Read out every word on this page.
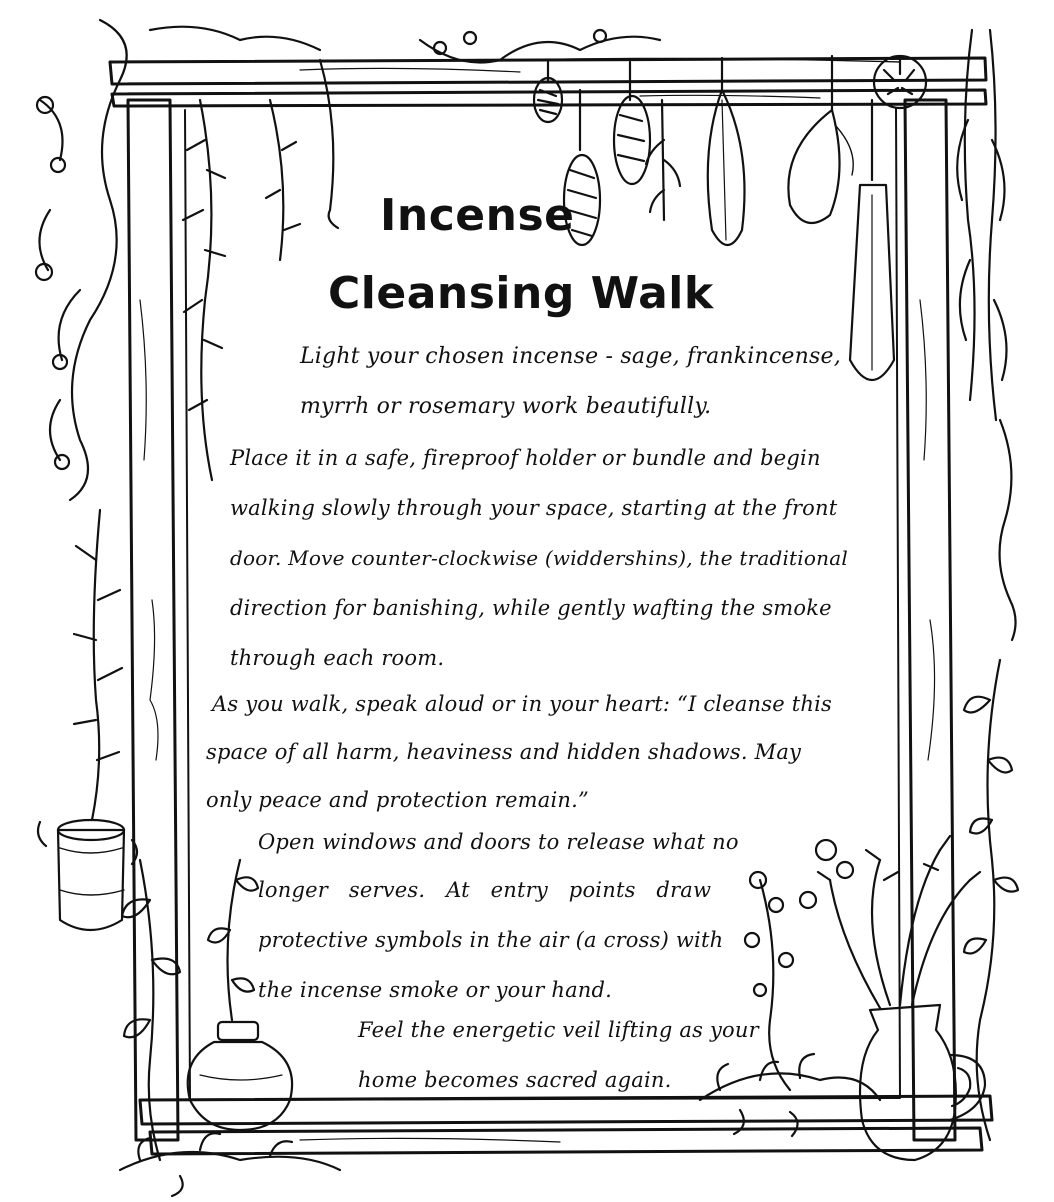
Incense
Cleansing Walk
Light your chosen incense - sage, frankincense,
myrrh or rosemary work beautifully.
Place it in a safe, fireproof holder or bundle and begin
walking slowly through your space, starting at the front
door. Move counter-clockwise (widdershins), the traditional
direction for banishing, while gently wafting the smoke
through each room.
As you walk, speak aloud or in your heart: “I cleanse this
space of all harm, heaviness and hidden shadows. May
only peace and protection remain.”
Open windows and doors to release what no
longer serves. At entry points draw
protective symbols in the air (a cross) with
the incense smoke or your hand.
Feel the energetic veil lifting as your
home becomes sacred again.
